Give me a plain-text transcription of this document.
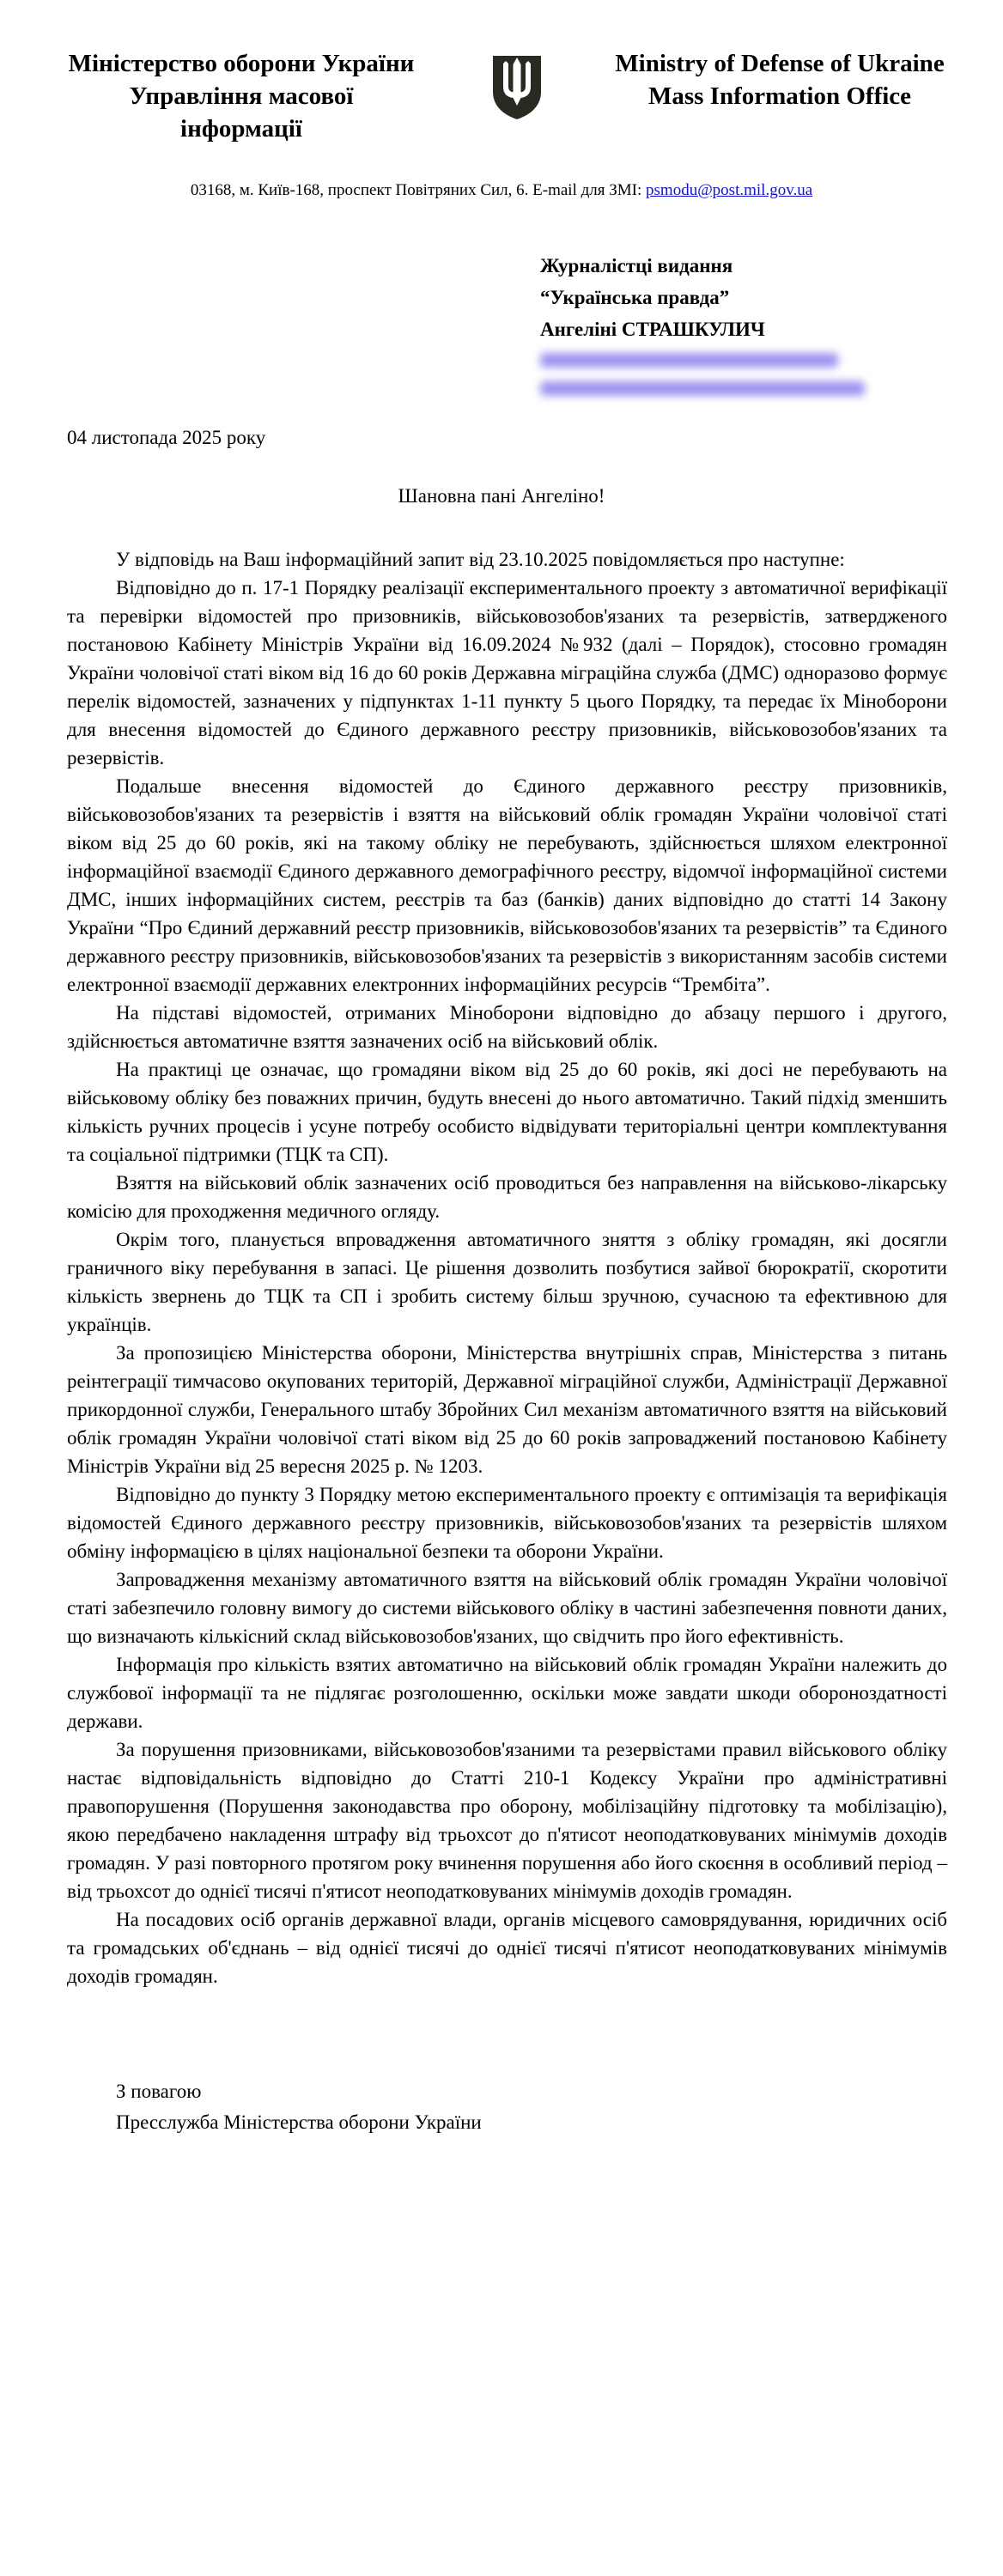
Міністерство оборони України
Управління масової
інформації
Ministry of Defense of Ukraine
Mass Information Office
03168, м. Київ-168, проспект Повітряних Сил, 6. E-mail для ЗМІ: psmodu@post.mil.gov.ua
Журналістці видання
“Українська правда”
Ангеліні СТРАШКУЛИЧ
04 листопада 2025 року
Шановна пані Ангеліно!

У відповідь на Ваш інформаційний запит від 23.10.2025 повідомляється про наступне:

Відповідно до п. 17-1 Порядку реалізації експериментального проекту з автоматичної верифікації та перевірки відомостей про призовників, військовозобов'язаних та резервістів, затвердженого постановою Кабінету Міністрів України від 16.09.2024 №932 (далі – Порядок), стосовно громадян України чоловічої статі віком від 16 до 60 років Державна міграційна служба (ДМС) одноразово формує перелік відомостей, зазначених у підпунктах 1-11 пункту 5 цього Порядку, та передає їх Міноборони для внесення відомостей до Єдиного державного реєстру призовників, військовозобов'язаних та резервістів.

Подальше внесення відомостей до Єдиного державного реєстру призовників, військовозобов'язаних та резервістів і взяття на військовий облік громадян України чоловічої статі віком від 25 до 60 років, які на такому обліку не перебувають, здійснюється шляхом електронної інформаційної взаємодії Єдиного державного демографічного реєстру, відомчої інформаційної системи ДМС, інших інформаційних систем, реєстрів та баз (банків) даних відповідно до статті 14 Закону України “Про Єдиний державний реєстр призовників, військовозобов'язаних та резервістів” та Єдиного державного реєстру призовників, військовозобов'язаних та резервістів з використанням засобів системи електронної взаємодії державних електронних інформаційних ресурсів “Трембіта”.

На підставі відомостей, отриманих Міноборони відповідно до абзацу першого і другого, здійснюється автоматичне взяття зазначених осіб на військовий облік.

На практиці це означає, що громадяни віком від 25 до 60 років, які досі не перебувають на військовому обліку без поважних причин, будуть внесені до нього автоматично. Такий підхід зменшить кількість ручних процесів і усуне потребу особисто відвідувати територіальні центри комплектування та соціальної підтримки (ТЦК та СП).

Взяття на військовий облік зазначених осіб проводиться без направлення на військово-лікарську комісію для проходження медичного огляду.

Окрім того, планується впровадження автоматичного зняття з обліку громадян, які досягли граничного віку перебування в запасі. Це рішення дозволить позбутися зайвої бюрократії, скоротити кількість звернень до ТЦК та СП і зробить систему більш зручною, сучасною та ефективною для українців.

За пропозицією Міністерства оборони, Міністерства внутрішніх справ, Міністерства з питань реінтеграції тимчасово окупованих територій, Державної міграційної служби, Адміністрації Державної прикордонної служби, Генерального штабу Збройних Сил механізм автоматичного взяття на військовий облік громадян України чоловічої статі віком від 25 до 60 років запроваджений постановою Кабінету Міністрів України від 25 вересня 2025 р. № 1203.

Відповідно до пункту 3 Порядку метою експериментального проекту є оптимізація та верифікація відомостей Єдиного державного реєстру призовників, військовозобов'язаних та резервістів шляхом обміну інформацією в цілях національної безпеки та оборони України.

Запровадження механізму автоматичного взяття на військовий облік громадян України чоловічої статі забезпечило головну вимогу до системи військового обліку в частині забезпечення повноти даних, що визначають кількісний склад військовозобов'язаних, що свідчить про його ефективність.

Інформація про кількість взятих автоматично на військовий облік громадян України належить до службової інформації та не підлягає розголошенню, оскільки може завдати шкоди обороноздатності держави.

За порушення призовниками, військовозобов'язаними та резервістами правил військового обліку настає відповідальність відповідно до Статті 210-1 Кодексу України про адміністративні правопорушення (Порушення законодавства про оборону, мобілізаційну підготовку та мобілізацію), якою передбачено накладення штрафу від трьохсот до п'ятисот неоподатковуваних мінімумів доходів громадян. У разі повторного протягом року вчинення порушення або його скоєння в особливий період – від трьохсот до однієї тисячі п'ятисот неоподатковуваних мінімумів доходів громадян.

На посадових осіб органів державної влади, органів місцевого самоврядування, юридичних осіб та громадських об'єднань – від однієї тисячі до однієї тисячі п'ятисот неоподатковуваних мінімумів доходів громадян.

З повагою
Пресслужба Міністерства оборони України
